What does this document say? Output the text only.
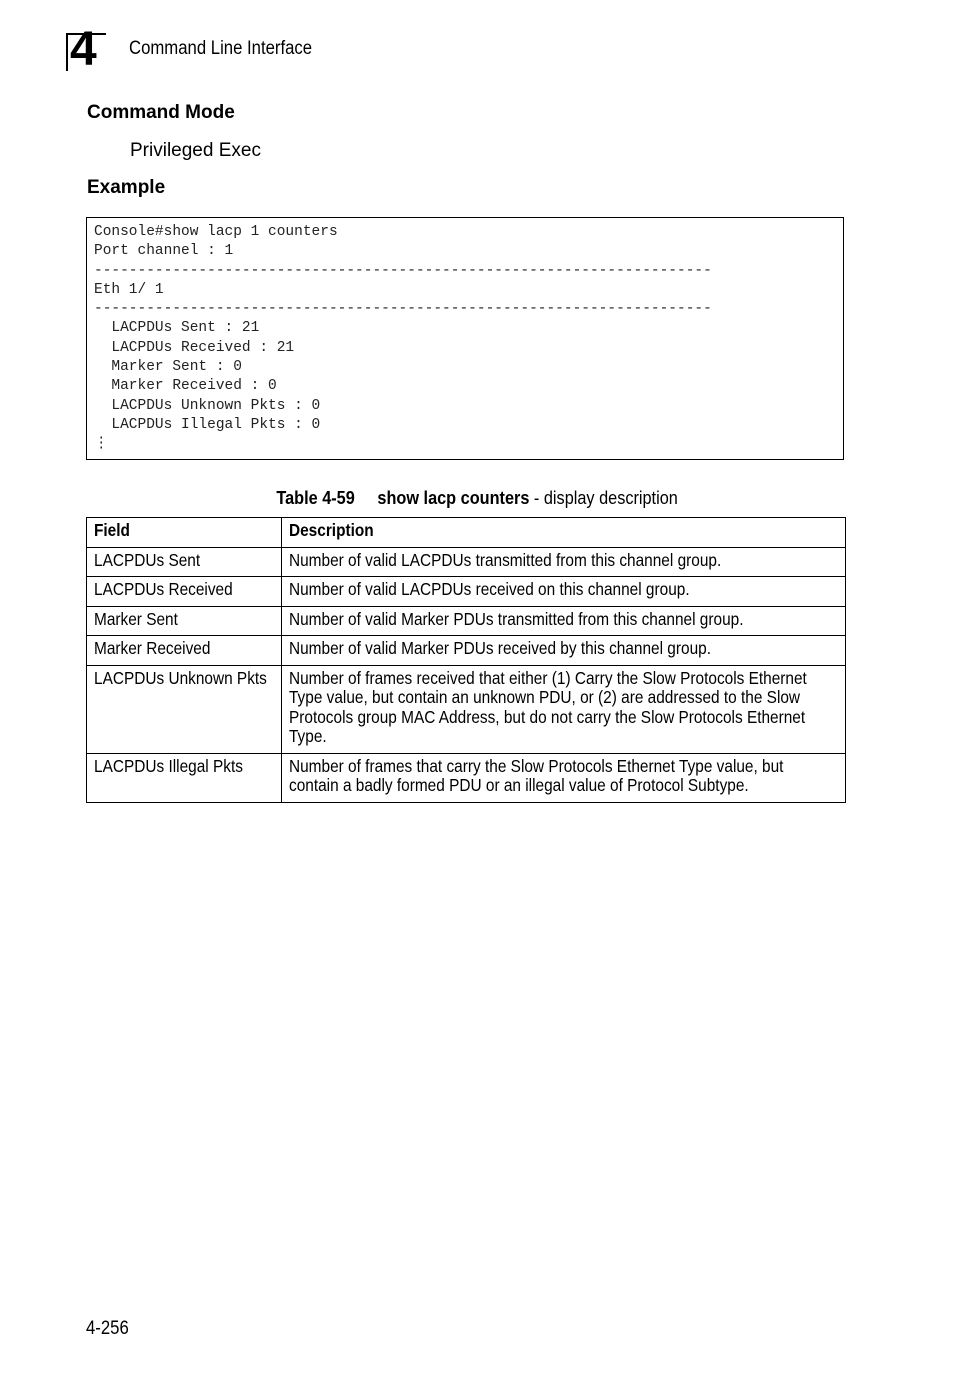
4 Command Line Interface
Command Mode
Privileged Exec
Example
Console#show lacp 1 counters
Port channel : 1
-----------------------------------------------------------------------
Eth 1/ 1
-----------------------------------------------------------------------
LACPDUs Sent : 21
LACPDUs Received : 21
Marker Sent : 0
Marker Received : 0
LACPDUs Unknown Pkts : 0
LACPDUs Illegal Pkts : 0
⋮
Table 4-59 show lacp counters - display description
Field	Description
LACPDUs Sent	Number of valid LACPDUs transmitted from this channel group.
LACPDUs Received	Number of valid LACPDUs received on this channel group.
Marker Sent	Number of valid Marker PDUs transmitted from this channel group.
Marker Received	Number of valid Marker PDUs received by this channel group.
LACPDUs Unknown Pkts	Number of frames received that either (1) Carry the Slow Protocols Ethernet Type value, but contain an unknown PDU, or (2) are addressed to the Slow Protocols group MAC Address, but do not carry the Slow Protocols Ethernet Type.
LACPDUs Illegal Pkts	Number of frames that carry the Slow Protocols Ethernet Type value, but contain a badly formed PDU or an illegal value of Protocol Subtype.
4-256
